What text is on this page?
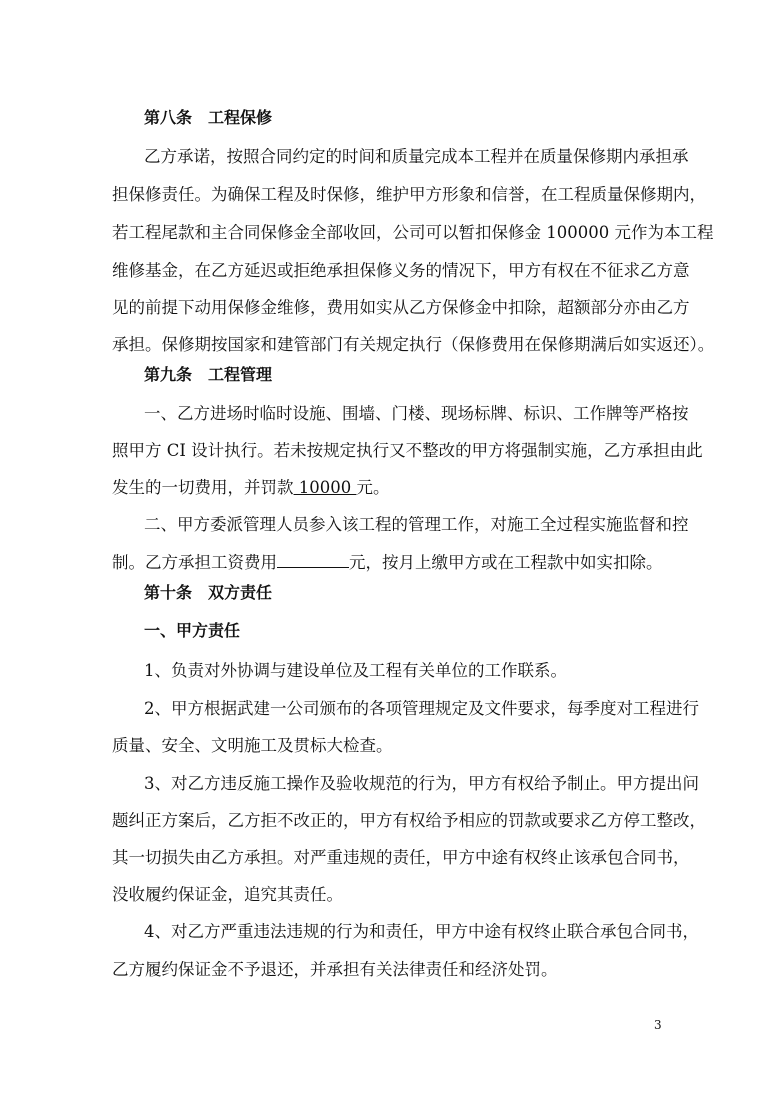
第八条　工程保修
乙方承诺，按照合同约定的时间和质量完成本工程并在质量保修期内承担承
担保修责任。为确保工程及时保修，维护甲方形象和信誉，在工程质量保修期内，
若工程尾款和主合同保修金全部收回，公司可以暂扣保修金 100000 元作为本工程
维修基金，在乙方延迟或拒绝承担保修义务的情况下，甲方有权在不征求乙方意
见的前提下动用保修金维修，费用如实从乙方保修金中扣除，超额部分亦由乙方
承担。保修期按国家和建管部门有关规定执行（保修费用在保修期满后如实返还）。
第九条　工程管理
一、乙方进场时临时设施、围墙、门楼、现场标牌、标识、工作牌等严格按
照甲方 CI 设计执行。若未按规定执行又不整改的甲方将强制实施，乙方承担由此
发生的一切费用，并罚款 10000 元。
二、甲方委派管理人员参入该工程的管理工作，对施工全过程实施监督和控
制。乙方承担工资费用	元，按月上缴甲方或在工程款中如实扣除。
第十条　双方责任
一、甲方责任
1、负责对外协调与建设单位及工程有关单位的工作联系。
2、甲方根据武建一公司颁布的各项管理规定及文件要求，每季度对工程进行
质量、安全、文明施工及贯标大检查。
3、对乙方违反施工操作及验收规范的行为，甲方有权给予制止。甲方提出问
题纠正方案后，乙方拒不改正的，甲方有权给予相应的罚款或要求乙方停工整改，
其一切损失由乙方承担。对严重违规的责任，甲方中途有权终止该承包合同书，
没收履约保证金，追究其责任。
4、对乙方严重违法违规的行为和责任，甲方中途有权终止联合承包合同书，
乙方履约保证金不予退还，并承担有关法律责任和经济处罚。
3
